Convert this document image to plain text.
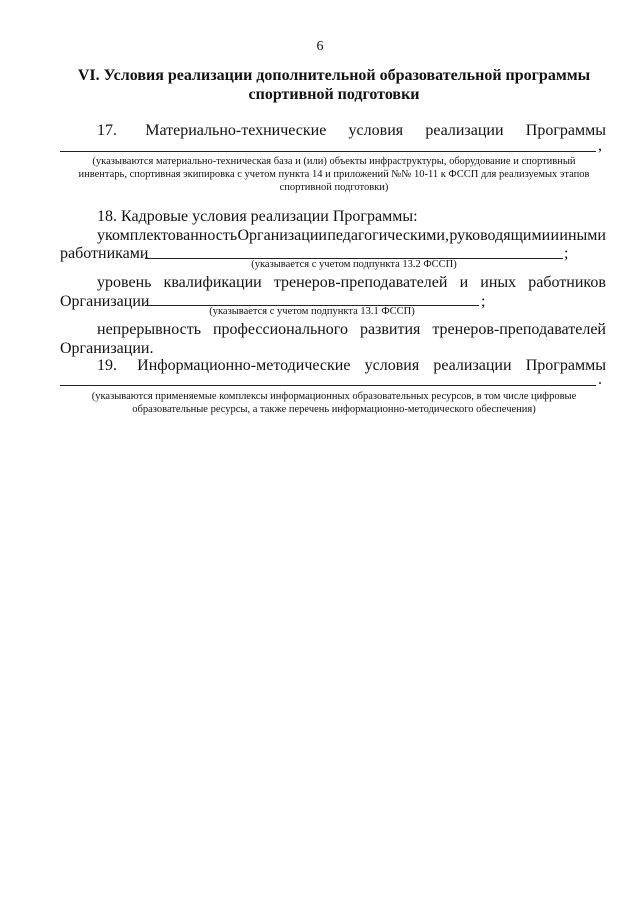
6
VI. Условия реализации дополнительной образовательной программы
спортивной подготовки
17. Материально-технические условия реализации Программы
,
(указываются материально-техническая база и (или) объекты инфраструктуры, оборудование и спортивный
инвентарь, спортивная экипировка с учетом пункта 14 и приложений №№ 10-11 к ФССП для реализуемых этапов
спортивной подготовки)
18. Кадровые условия реализации Программы:
укомплектованность Организации педагогическими, руководящими и иными
работниками	;
(указывается с учетом подпункта 13.2 ФССП)
уровень квалификации тренеров-преподавателей и иных работников
Организации	;
(указывается с учетом подпункта 13.1 ФССП)
непрерывность профессионального развития тренеров-преподавателей
Организации.
19. Информационно-методические условия реализации Программы
.
(указываются применяемые комплексы информационных образовательных ресурсов, в том числе цифровые
образовательные ресурсы, а также перечень информационно-методического обеспечения)
